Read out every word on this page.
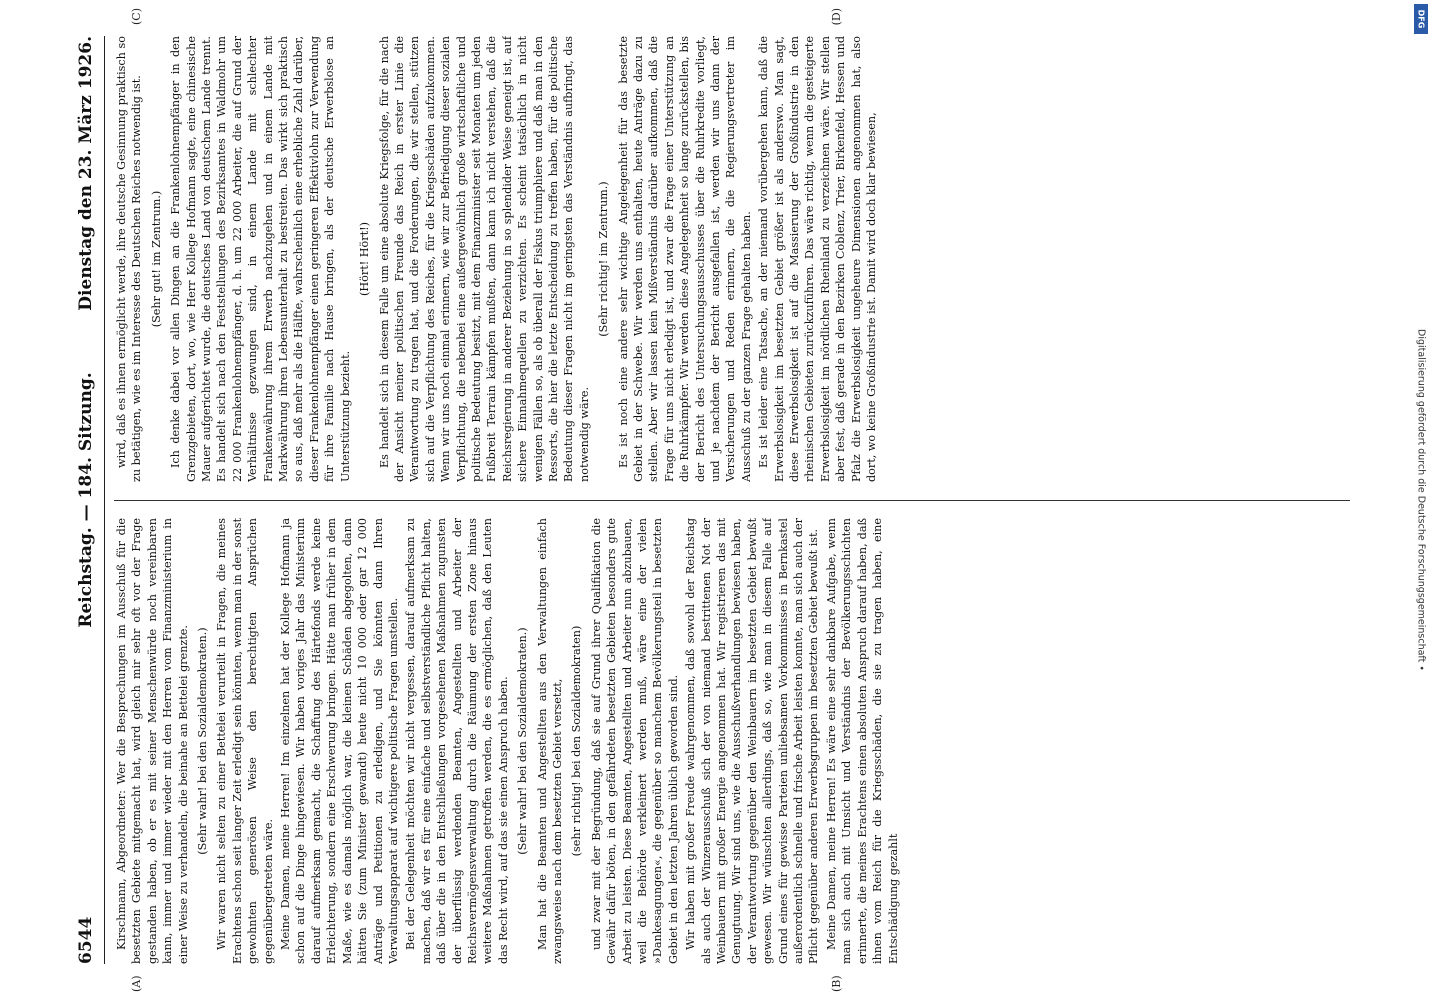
6544
Reichstag. — 184. Sitzung.
Dienstag den 23. März 1926.

Kirschmann, Abgeordneter: Wer die Besprechungen im Ausschuß für die besetzten Gebiete mitgemacht hat, wird gleich mir sehr oft vor der Frage gestanden haben, ob er es mit seiner Menschenwürde noch vereinbaren kann, immer und immer wieder mit den Herren vom Finanzministerium in einer Weise zu verhandeln, die beinahe an Bettelei grenzte. (Sehr wahr! bei den Sozialdemokraten.) Wir waren nicht selten zu einer Bettelei verurteilt in Fragen, die meines Erachtens schon seit langer Zeit erledigt sein könnten, wenn man in der sonst gewohnten generösen Weise den berechtigten Ansprüchen gegenübergetreten wäre. Meine Damen, meine Herren! Im einzelnen hat der Kollege Hofmann ja schon auf die Dinge hingewiesen. Wir haben voriges Jahr das Ministerium darauf aufmerksam gemacht, die Schaffung des Härtefonds werde keine Erleichterung, sondern eine Erschwerung bringen. Hätte man früher in dem Maße, wie es damals möglich war, die kleinen Schäden abgegolten, dann hätten Sie (zum Minister gewandt) heute nicht 10 000 oder gar 12 000 Anträge und Petitionen zu erledigen, und Sie könnten dann Ihren Verwaltungsapparat auf wichtigere politische Fragen umstellen. Bei der Gelegenheit möchten wir nicht vergessen, darauf aufmerksam zu machen, daß wir es für eine einfache und selbstverständliche Pflicht halten, daß über die in den Entschließungen vorgesehenen Maßnahmen zugunsten der überflüssig werdenden Beamten, Angestellten und Arbeiter der Reichsvermögensverwaltung durch die Räumung der ersten Zone hinaus weitere Maßnahmen getroffen werden, die es ermöglichen, daß den Leuten das Recht wird, auf das sie einen Anspruch haben. (Sehr wahr! bei den Sozialdemokraten.) Man hat die Beamten und Angestellten aus den Verwaltungen einfach zwangsweise nach dem besetzten Gebiet versetzt, (sehr richtig! bei den Sozialdemokraten) und zwar mit der Begründung, daß sie auf Grund ihrer Qualifikation die Gewähr dafür böten, in den gefährdeten besetzten Gebieten besonders gute Arbeit zu leisten. Diese Beamten, Angestellten und Arbeiter nun abzubauen, weil die Behörde verkleinert werden muß, wäre eine der vielen »Dankesagungen«, die gegenüber so manchem Bevölkerungsteil in besetzten Gebiet in den letzten Jahren üblich geworden sind. Wir haben mit großer Freude wahrgenommen, daß sowohl der Reichstag als auch der Winzerausschuß sich der von niemand bestrittenen Not der Weinbauern mit großer Energie angenommen hat. Wir registrieren das mit Genugtuung. Wir sind uns, wie die Ausschußverhandlungen bewiesen haben, der Verantwortung gegenüber den Weinbauern im besetzten Gebiet bewußt gewesen. Wir wünschten allerdings, daß so, wie man in diesem Falle auf Grund eines für gewisse Parteien unliebsamen Vorkommnisses in Bernkastel außerordentlich schnelle und frische Arbeit leisten konnte, man sich auch der Pflicht gegenüber anderen Erwerbsgruppen im besetzten Gebiet bewußt ist. Meine Damen, meine Herren! Es wäre eine sehr dankbare Aufgabe, wenn man sich auch mit Umsicht und Verständnis der Bevölkerungsschichten erinnerte, die meines Erachtens einen absoluten Anspruch darauf haben, daß ihnen vom Reich für die Kriegsschäden, die sie zu tragen haben, eine Entschädigung gezahlt

wird, daß es ihnen ermöglicht werde, ihre deutsche Gesinnung praktisch so zu betätigen, wie es im Interesse des Deutschen Reiches notwendig ist. (Sehr gut! im Zentrum.) Ich denke dabei vor allen Dingen an die Frankenlohnempfänger in den Grenzgebieten, dort, wo, wie Herr Kollege Hofmann sagte, eine chinesische Mauer aufgerichtet wurde, die deutsches Land von deutschem Lande trennt. Es handelt sich nach den Feststellungen des Bezirksamtes in Waldmohr um 22 000 Frankenlohnempfänger, d. h. um 22 000 Arbeiter, die auf Grund der Verhältnisse gezwungen sind, in einem Lande mit schlechter Frankenwährung ihrem Erwerb nachzugehen und in einem Lande mit Markwährung ihren Lebensunterhalt zu bestreiten. Das wirkt sich praktisch so aus, daß mehr als die Hälfte, wahrscheinlich eine erhebliche Zahl darüber, dieser Frankenlohnempfänger einen geringeren Effektivlohn zur Verwendung für ihre Familie nach Hause bringen, als der deutsche Erwerbslose an Unterstützung bezieht.

(Hört! Hört!) Es handelt sich in diesem Falle um eine absolute Kriegsfolge, für die nach der Ansicht meiner politischen Freunde das Reich in erster Linie die Verantwortung zu tragen hat, und die Forderungen, die wir stellen, stützen sich auf die Verpflichtung des Reiches, für die Kriegsschäden aufzukommen. Wenn wir uns noch einmal erinnern, wie wir zur Befriedigung dieser sozialen Verpflichtung, die nebenbei eine außergewöhnlich große wirtschaftliche und politische Bedeutung besitzt, mit dem Finanzminister seit Monaten um jeden Fußbreit Terrain kämpfen mußten, dann kann ich nicht verstehen, daß die Reichsregierung in anderer Beziehung in so splendider Weise geneigt ist, auf sichere Einnahmequellen zu verzichten. Es scheint tatsächlich in nicht wenigen Fällen so, als ob überall der Fiskus triumphiere und daß man in den Ressorts, die hier die letzte Entscheidung zu treffen haben, für die politische Bedeutung dieser Fragen nicht im geringsten das Verständnis aufbringt, das notwendig wäre.

(Sehr richtig! im Zentrum.) Es ist noch eine andere sehr wichtige Angelegenheit für das besetzte Gebiet in der Schwebe. Wir werden uns enthalten, heute Anträge dazu zu stellen. Aber wir lassen kein Mißverständnis darüber aufkommen, daß die Frage für uns nicht erledigt ist, und zwar die Frage einer Unterstützung an die Ruhrkämpfer. Wir werden diese Angelegenheit so lange zurückstellen, bis der Bericht des Untersuchungsausschusses über die Ruhrkredite vorliegt, und je nachdem der Bericht ausgefallen ist, werden wir uns dann der Versicherungen und Reden erinnern, die die Regierungsvertreter im Ausschuß zu der ganzen Frage gehalten haben. Es ist leider eine Tatsache, an der niemand vorübergehen kann, daß die Erwerbslosigkeit im besetzten Gebiet größer ist als anderswo. Man sagt, diese Erwerbslosigkeit ist auf die Massierung der Großindustrie in den rheinischen Gebieten zurückzuführen. Das wäre richtig, wenn die gesteigerte Erwerbslosigkeit im nördlichen Rheinland zu verzeichnen wäre. Wir stellen aber fest, daß gerade in den Bezirken Coblenz, Trier, Birkenfeld, Hessen und Pfalz die Erwerbslosigkeit ungeheure Dimensionen angenommen hat, also dort, wo keine Großindustrie ist. Damit wird doch klar bewiesen,

(A)	(B)
(C)	(D)
Digitalisierung gefördert durch die Deutsche Forschungsgemeinschaft •
DFG
